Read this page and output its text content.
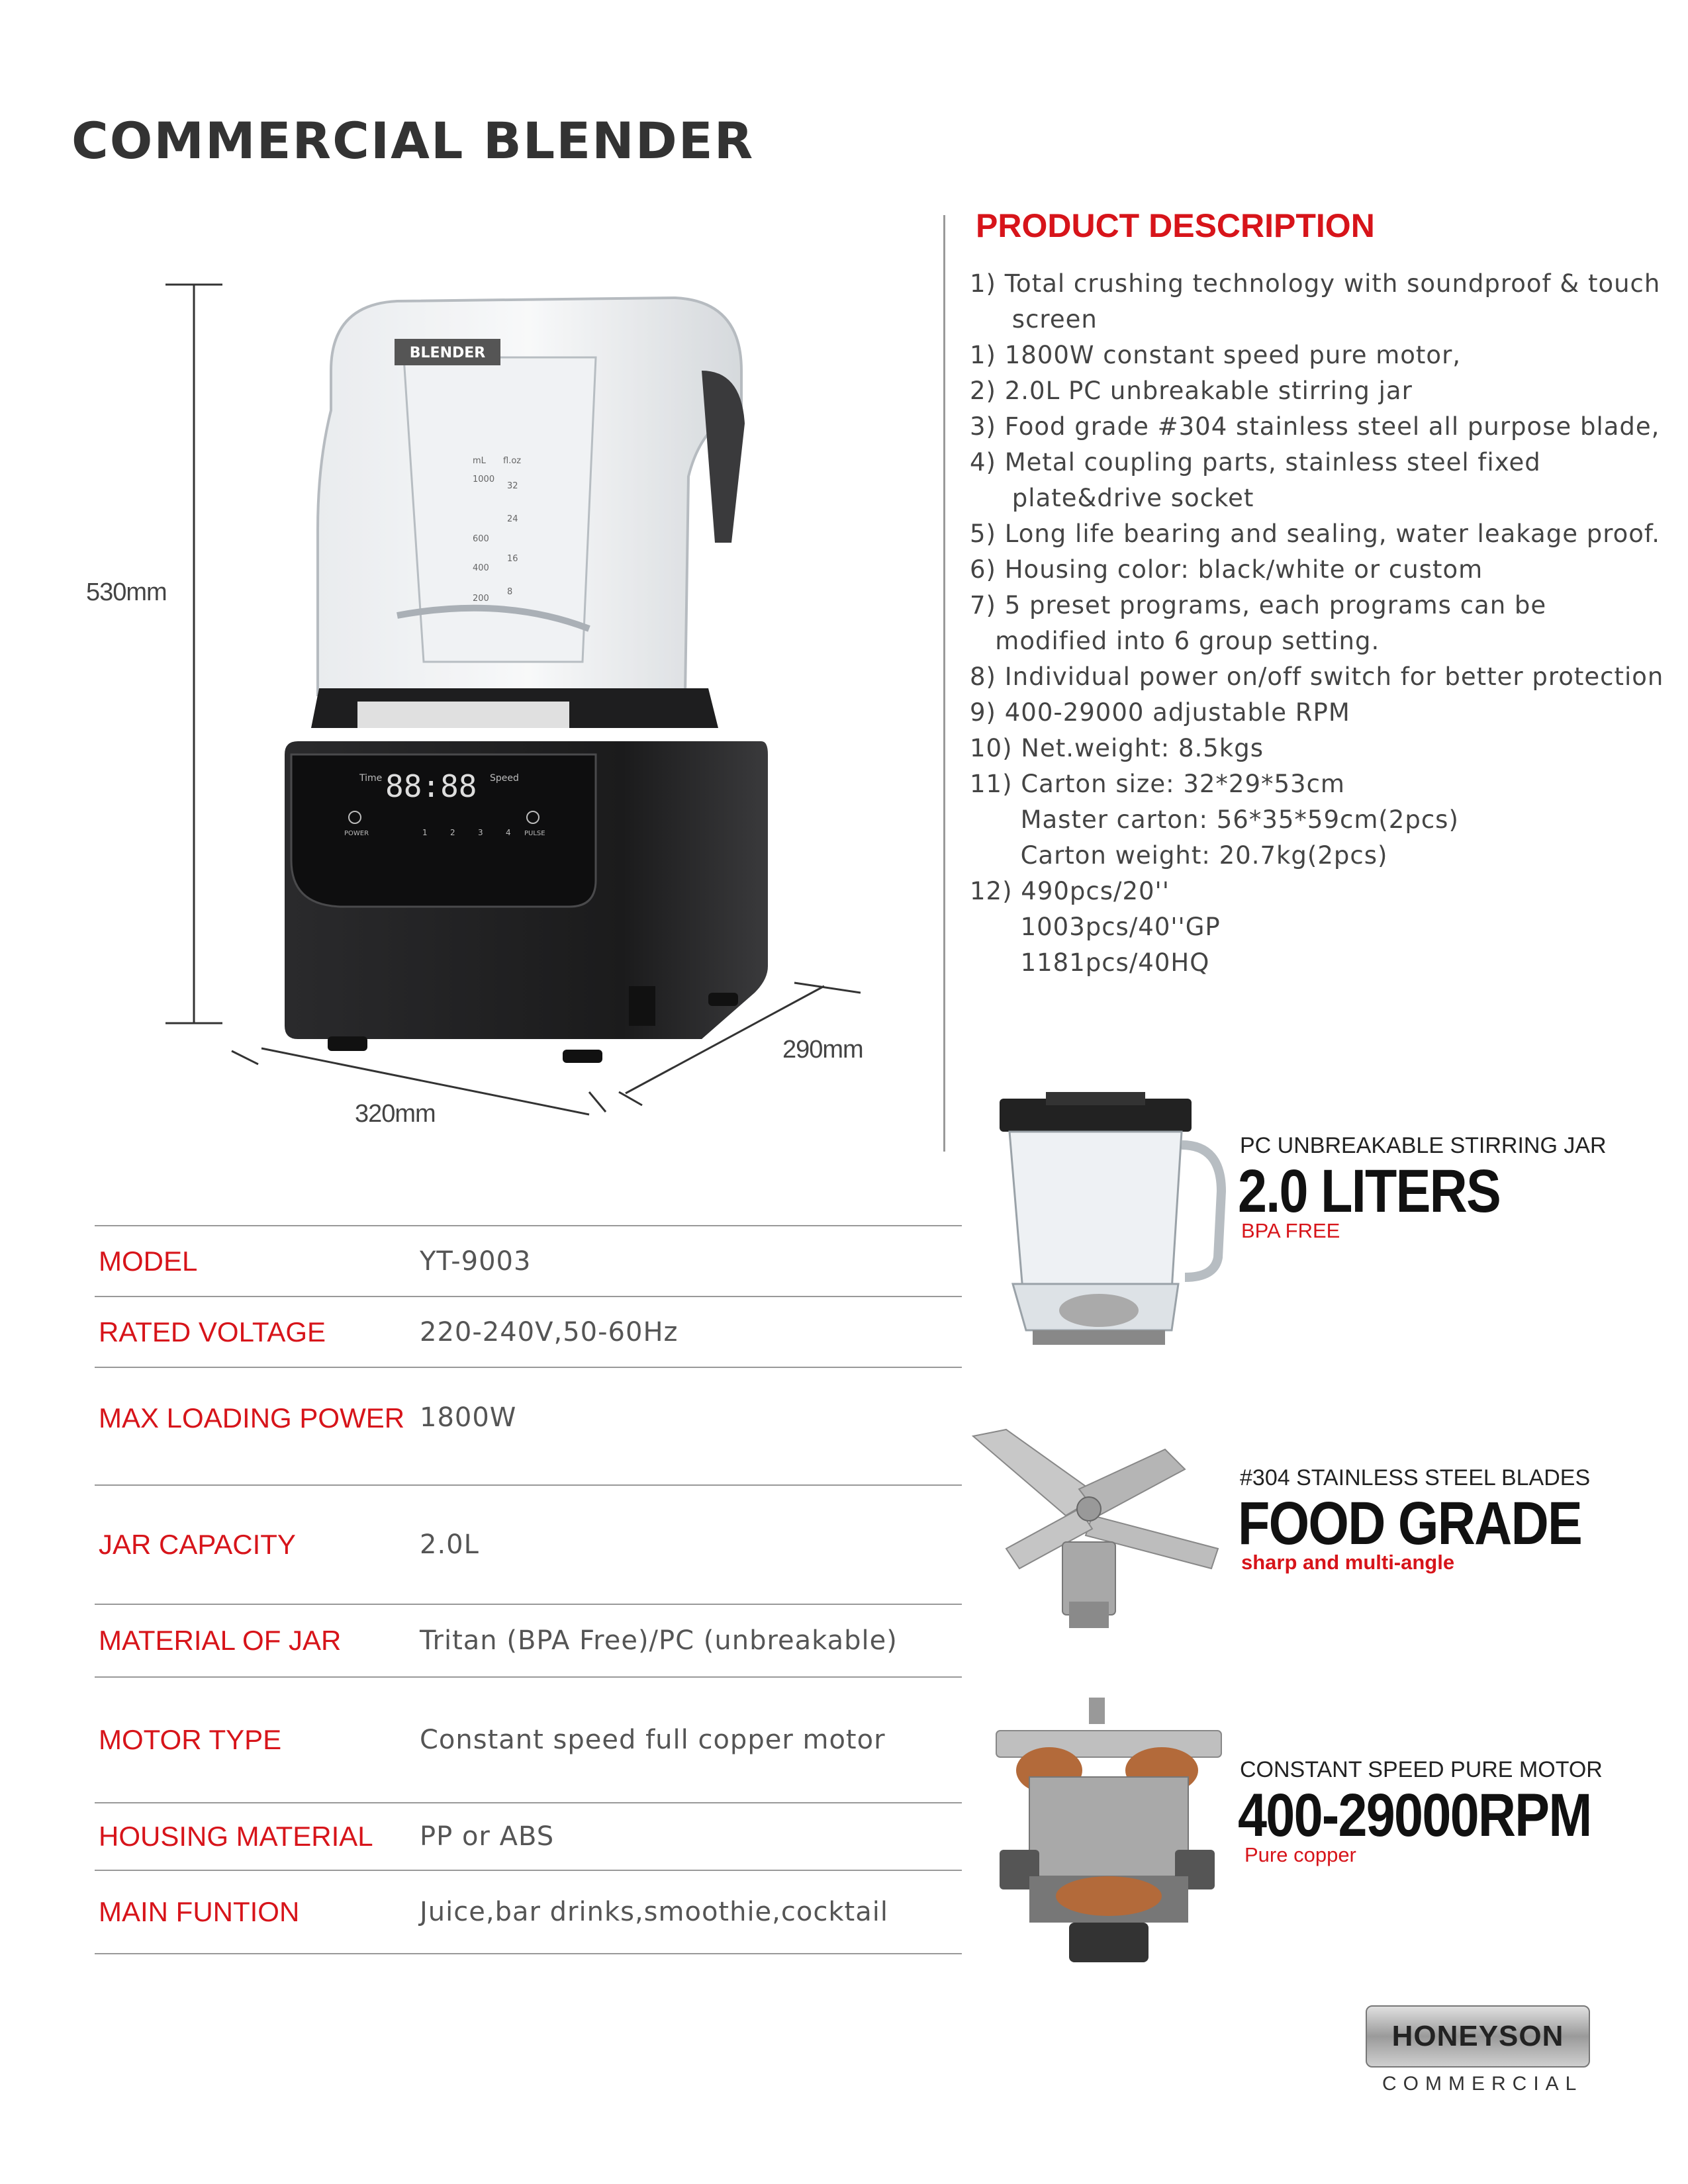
COMMERCIAL BLENDER
BLENDER
mL fl.oz
1000
32
600
24
400
16
200
8
Time	Speed
88:88
POWER	1	2	3	4 PULSE
530mm
290mm
320mm
PRODUCT DESCRIPTION
1) Total crushing technology with soundproof & touch
screen
1) 1800W constant speed pure motor,
2) 2.0L PC unbreakable stirring jar
3) Food grade #304 stainless steel all purpose blade,
4) Metal coupling parts, stainless steel fixed
plate&drive socket
5) Long life bearing and sealing, water leakage proof.
6) Housing color: black/white or custom
7) 5 preset programs, each programs can be
modified into 6 group setting.
8) Individual power on/off switch for better protection
9) 400-29000 adjustable RPM
10) Net.weight: 8.5kgs
11) Carton size: 32*29*53cm
Master carton: 56*35*59cm(2pcs)
Carton weight: 20.7kg(2pcs)
12) 490pcs/20''
1003pcs/40''GP
1181pcs/40HQ
MODEL	YT-9003
RATED VOLTAGE	220-240V,50-60Hz
MAX LOADING POWER 1800W
JAR CAPACITY	2.0L
MATERIAL OF JAR	Tritan (BPA Free)/PC (unbreakable)
MOTOR TYPE	Constant speed full copper motor
HOUSING MATERIAL	PP or ABS
MAIN FUNTION	Juice,bar drinks,smoothie,cocktail
PC UNBREAKABLE STIRRING JAR
2.0 LITERS
BPA FREE
#304 STAINLESS STEEL BLADES
FOOD GRADE
sharp and multi-angle
CONSTANT SPEED PURE MOTOR
400-29000RPM
Pure copper
HONEYSON
COMMERCIAL
